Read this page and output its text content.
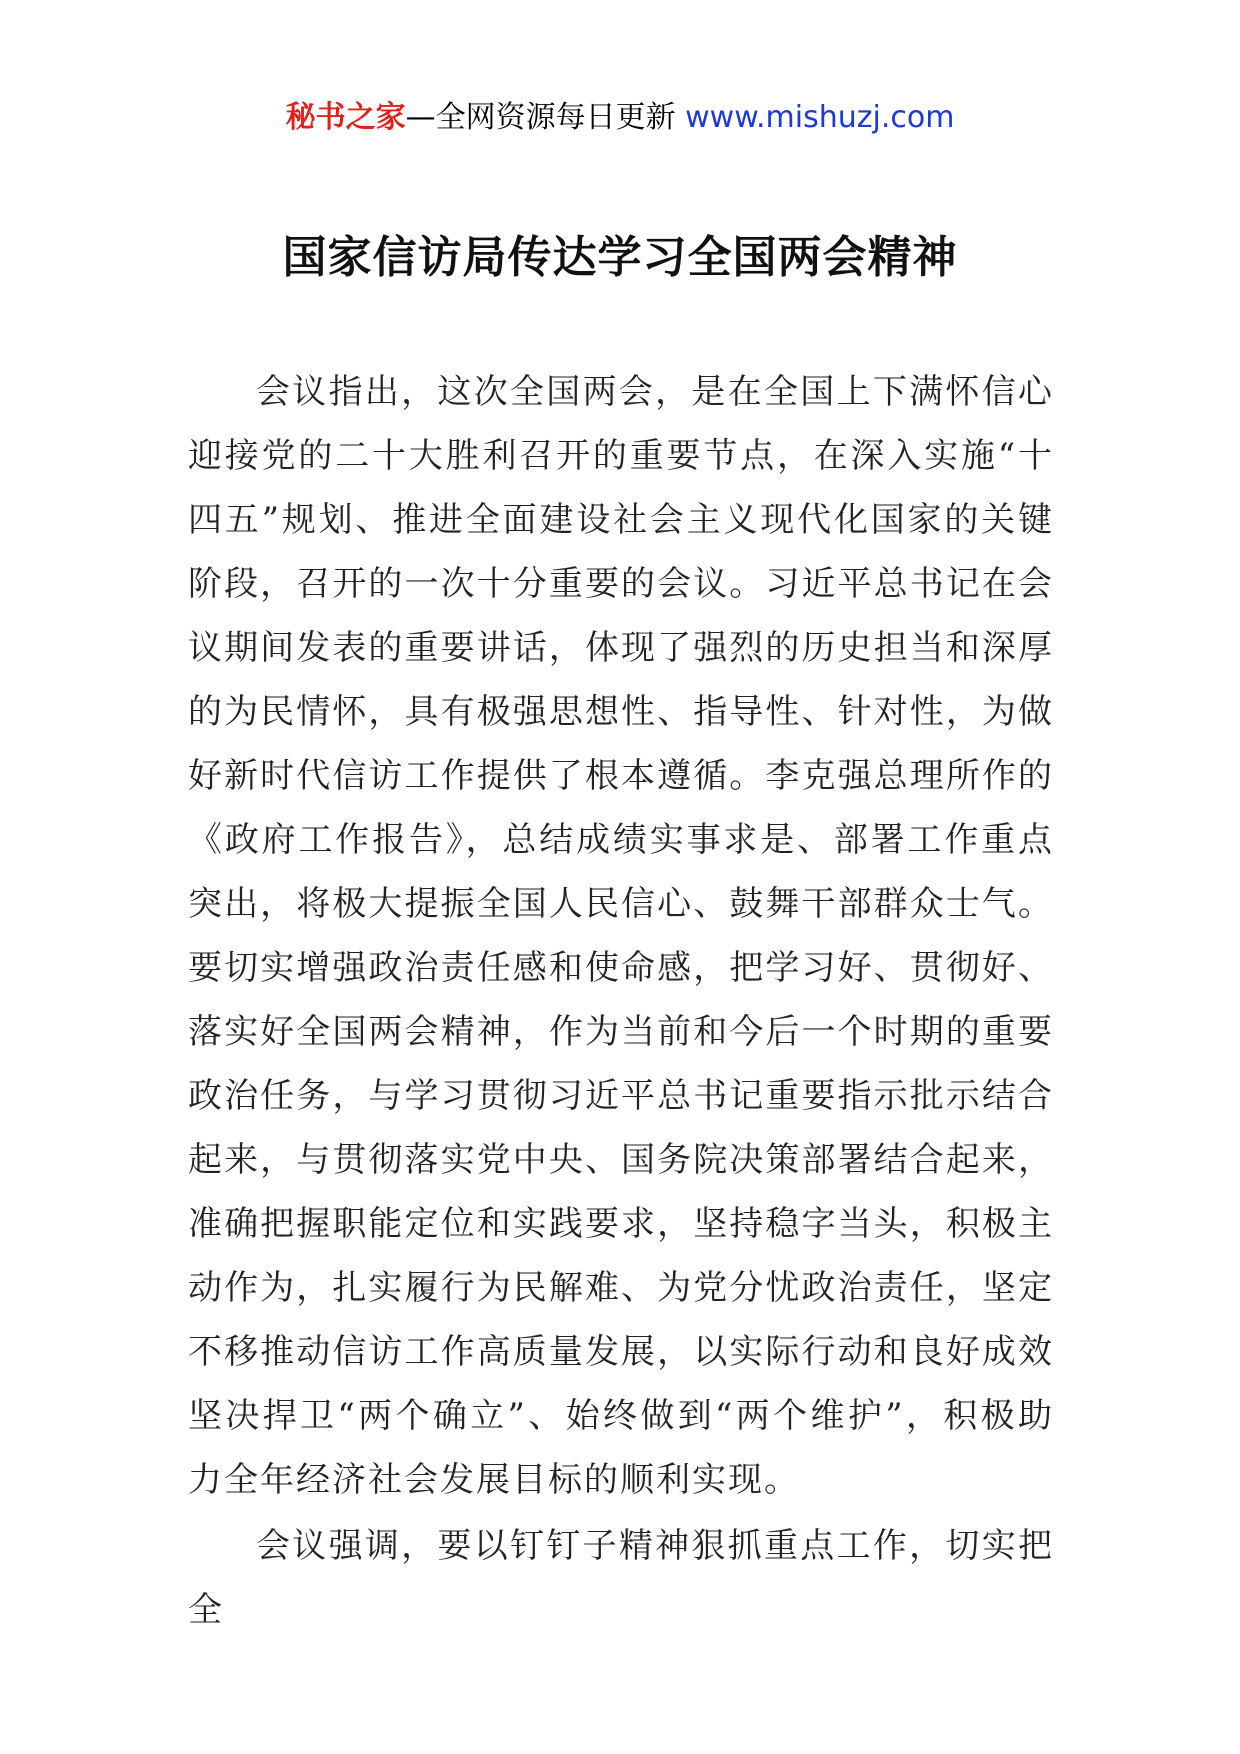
秘书之家—全网资源每日更新 www.mishuzj.com
国家信访局传达学习全国两会精神

会议指出，这次全国两会，是在全国上下满怀信心迎接党的二十大胜利召开的重要节点，在深入实施“十四五”规划、推进全面建设社会主义现代化国家的关键阶段，召开的一次十分重要的会议。习近平总书记在会议期间发表的重要讲话，体现了强烈的历史担当和深厚的为民情怀，具有极强思想性、指导性、针对性，为做好新时代信访工作提供了根本遵循。李克强总理所作的《政府工作报告》，总结成绩实事求是、部署工作重点突出，将极大提振全国人民信心、鼓舞干部群众士气。要切实增强政治责任感和使命感，把学习好、贯彻好、落实好全国两会精神，作为当前和今后一个时期的重要政治任务，与学习贯彻习近平总书记重要指示批示结合起来，与贯彻落实党中央、国务院决策部署结合起来，准确把握职能定位和实践要求，坚持稳字当头，积极主动作为，扎实履行为民解难、为党分忧政治责任，坚定不移推动信访工作高质量发展，以实际行动和良好成效坚决捍卫“两个确立”、始终做到“两个维护”，积极助力全年经济社会发展目标的顺利实现。

会议强调，要以钉钉子精神狠抓重点工作，切实把全
